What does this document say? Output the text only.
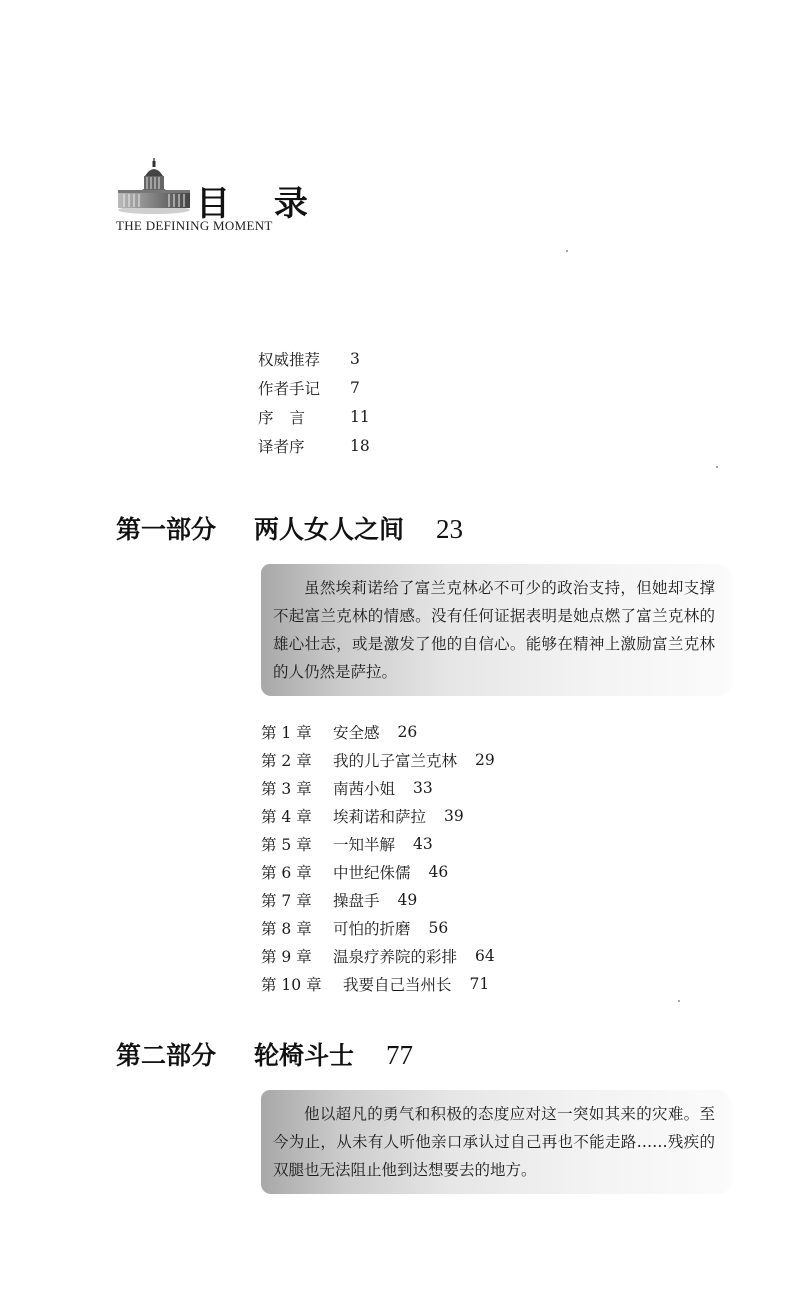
目 录
THE DEFINING MOMENT
权威推荐	3
作者手记	7
序言	11
译者序	18
第一部分	两人女人之间 23
虽然埃莉诺给了富兰克林必不可少的政治支持，但她却支撑不起富兰克林的情感。没有任何证据表明是她点燃了富兰克林的雄心壮志，或是激发了他的自信心。能够在精神上激励富兰克林的人仍然是萨拉。
第 1 章	安全感 26
第 2 章	我的儿子富兰克林 29
第 3 章	南茜小姐 33
第 4 章	埃莉诺和萨拉 39
第 5 章	一知半解 43
第 6 章	中世纪侏儒 46
第 7 章	操盘手 49
第 8 章	可怕的折磨 56
第 9 章	温泉疗养院的彩排 64
第 10 章	我要自己当州长 71
第二部分	轮椅斗士 77
他以超凡的勇气和积极的态度应对这一突如其来的灾难。至今为止，从未有人听他亲口承认过自己再也不能走路……残疾的双腿也无法阻止他到达想要去的地方。
